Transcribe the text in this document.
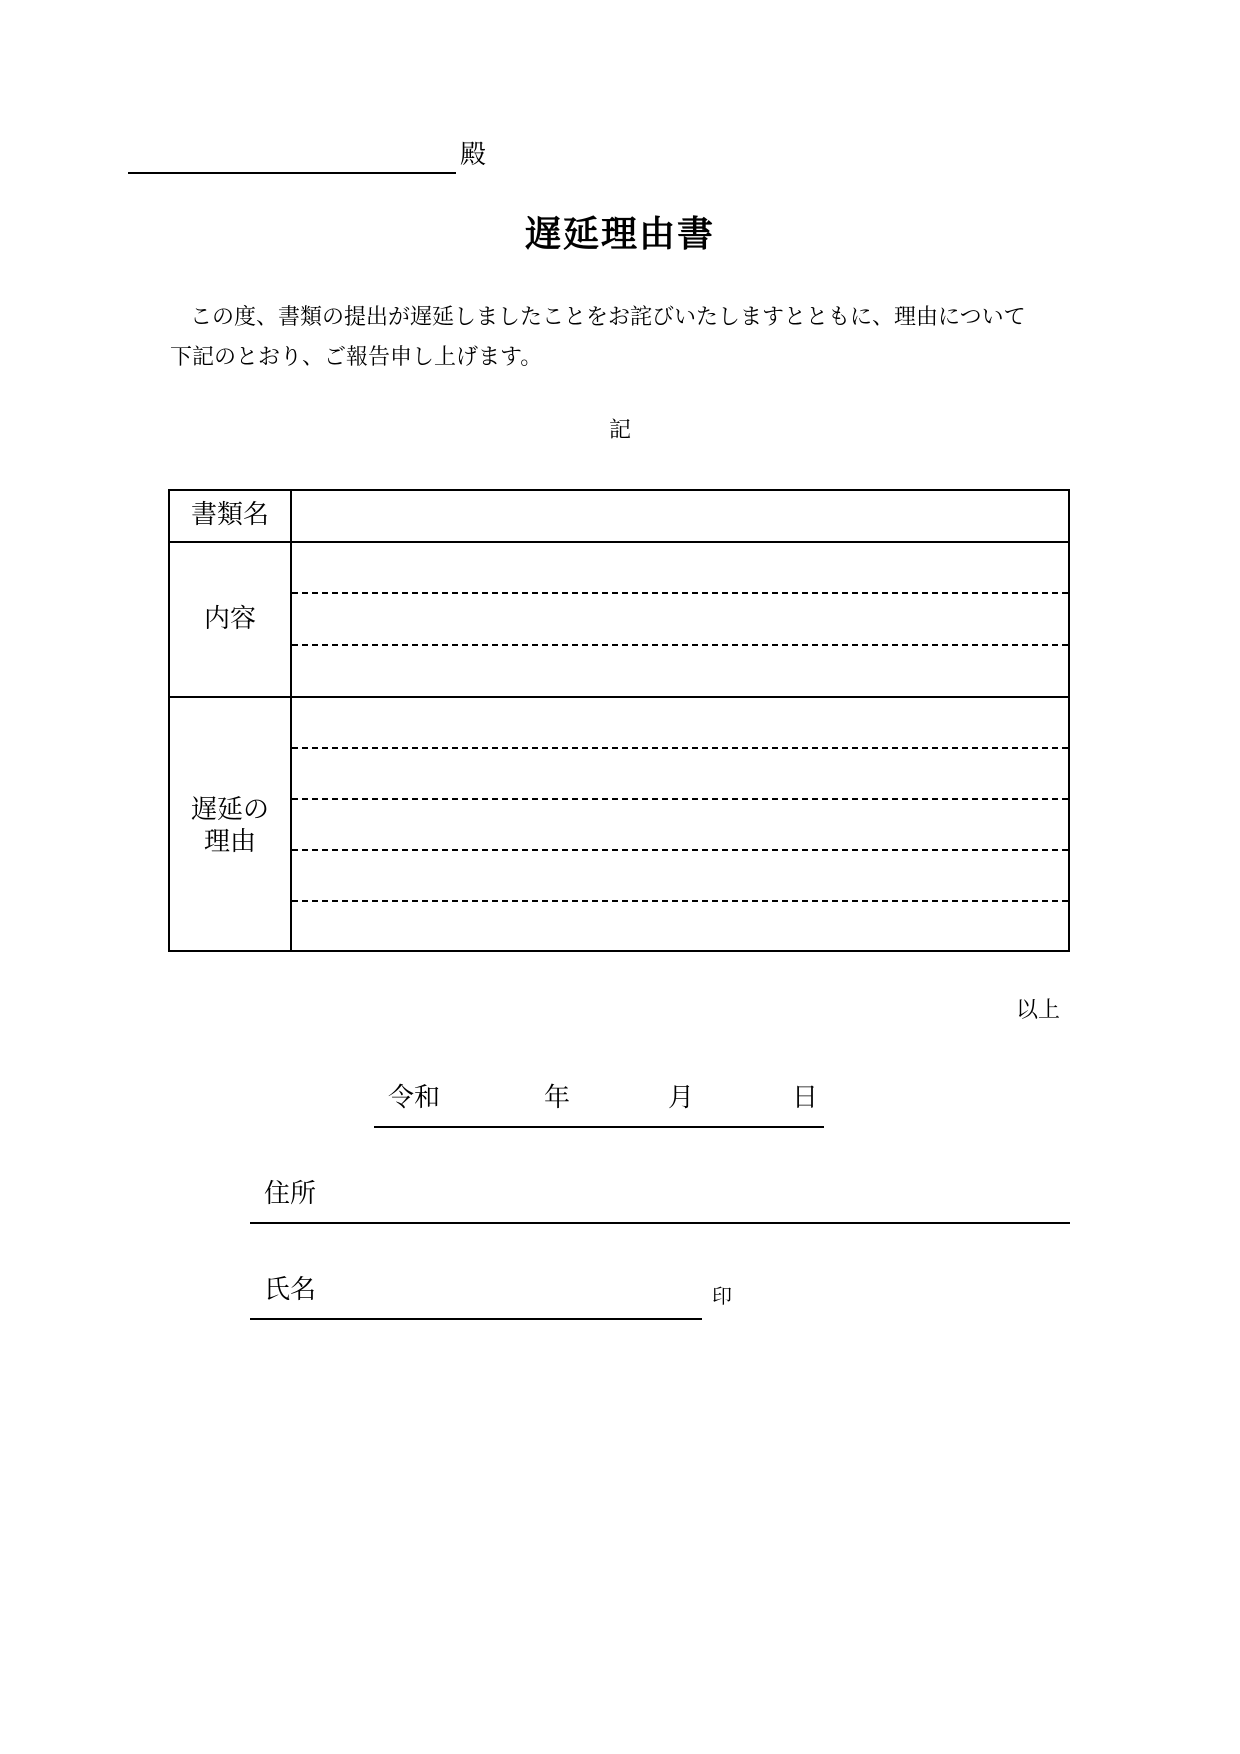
殿
遅延理由書

この度、書類の提出が遅延しましたことをお詫びいたしますとともに、理由について

下記のとおり、ご報告申し上げます。

記
書類名
内容
遅延の
理由
以上
令和	年	月	日
住所
氏名	印
